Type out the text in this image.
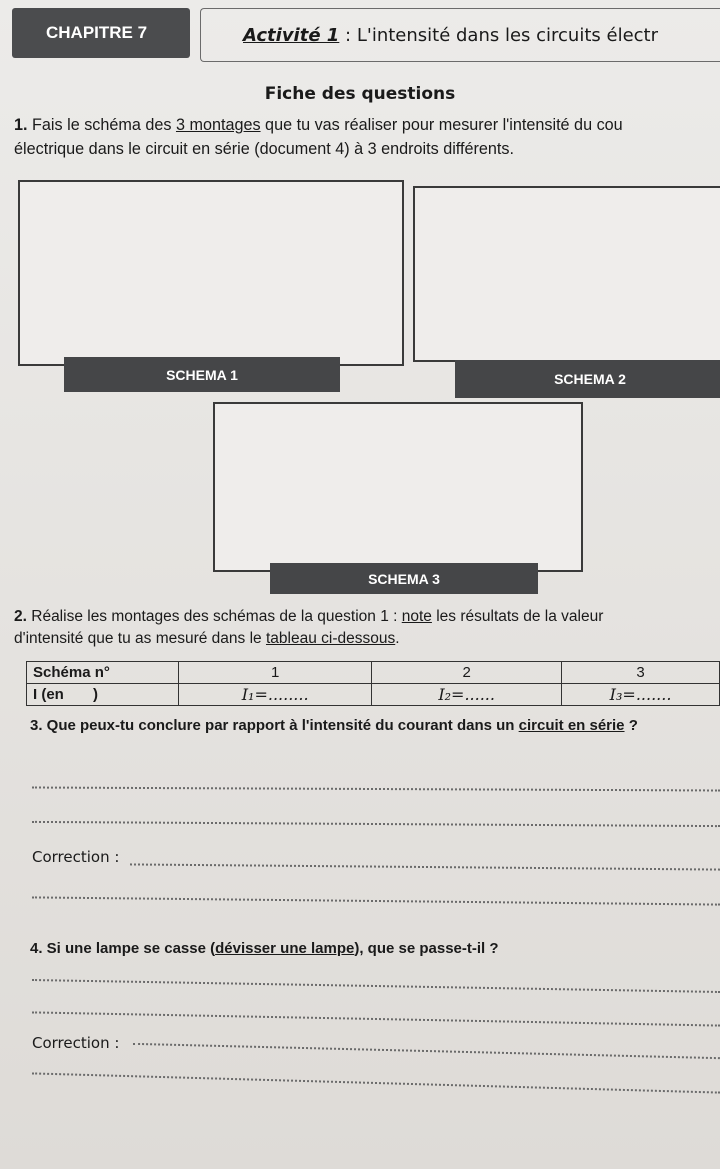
CHAPITRE 7	Activité 1 : L'intensité dans les circuits électr
Fiche des questions
1. Fais le schéma des 3 montages que tu vas réaliser pour mesurer l'intensité du cou
électrique dans le circuit en série (document 4) à 3 endroits différents.
SCHEMA 1	SCHEMA 2
SCHEMA 3
2. Réalise les montages des schémas de la question 1 : note les résultats de la valeur
d'intensité que tu as mesuré dans le tableau ci-dessous.
Schéma n°	1	2	3
I (en       )	I₁=........	I₂=......	I₃=.......
3. Que peux-tu conclure par rapport à l'intensité du courant dans un circuit en série ?
Correction :
4. Si une lampe se casse (dévisser une lampe), que se passe-t-il ?
Correction :
